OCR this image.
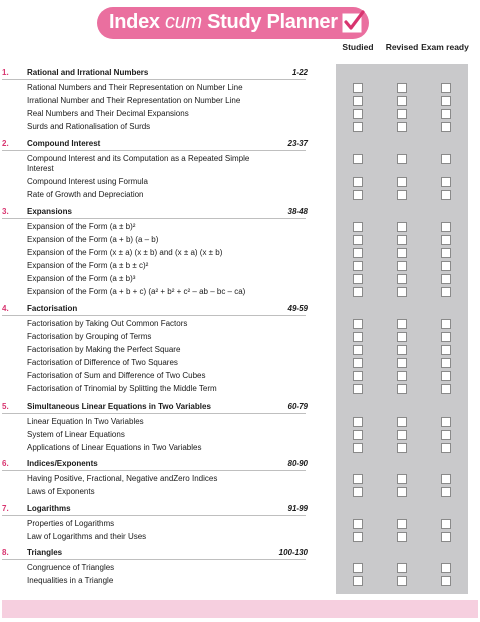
Index cum Study Planner
Studied	Revised Exam ready
1. Rational and Irrational Numbers	1-22
Rational Numbers and Their Representation on Number Line
Irrational Number and Their Representation on Number Line
Real Numbers and Their Decimal Expansions
Surds and Rationalisation of Surds
2. Compound Interest	23-37
Compound Interest and its Computation as a Repeated Simple Interest
Compound Interest using Formula
Rate of Growth and Depreciation
3. Expansions	38-48
Expansion of the Form (a ± b)²
Expansion of the Form (a + b) (a – b)
Expansion of the Form (x ± a) (x ± b) and (x ± a) (x ± b)
Expansion of the Form (a ± b ± c)²
Expansion of the Form (a ± b)³
Expansion of the Form (a + b + c) (a² + b² + c² – ab – bc – ca)
4. Factorisation	49-59
Factorisation by Taking Out Common Factors
Factorisation by Grouping of Terms
Factorisation by Making the Perfect Square
Factorisation of Difference of Two Squares
Factorisation of Sum and Difference of Two Cubes
Factorisation of Trinomial by Splitting the Middle Term
5. Simultaneous Linear Equations in Two Variables	60-79
Linear Equation In Two Variables
System of Linear Equations
Applications of Linear Equations in Two Variables
6. Indices/Exponents	80-90
Having Positive, Fractional, Negative andZero Indices
Laws of Exponents
7. Logarithms	91-99
Properties of Logarithms
Law of Logarithms and their Uses
8. Triangles	100-130
Congruence of Triangles
Inequalities in a Triangle
